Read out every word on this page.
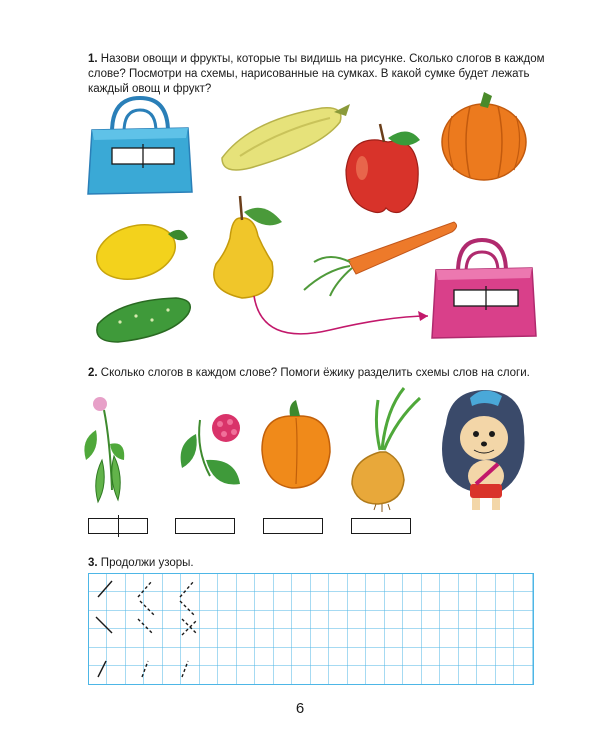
1. Назови овощи и фрукты, которые ты видишь на рисунке. Сколько слогов в каждом слове? Посмотри на схемы, нарисованные на сумках. В какой сумке будет лежать каждый овощ и фрукт?
2. Сколько слогов в каждом слове? Помоги ёжику разделить схемы слов на слоги.
3. Продолжи узоры.
6
